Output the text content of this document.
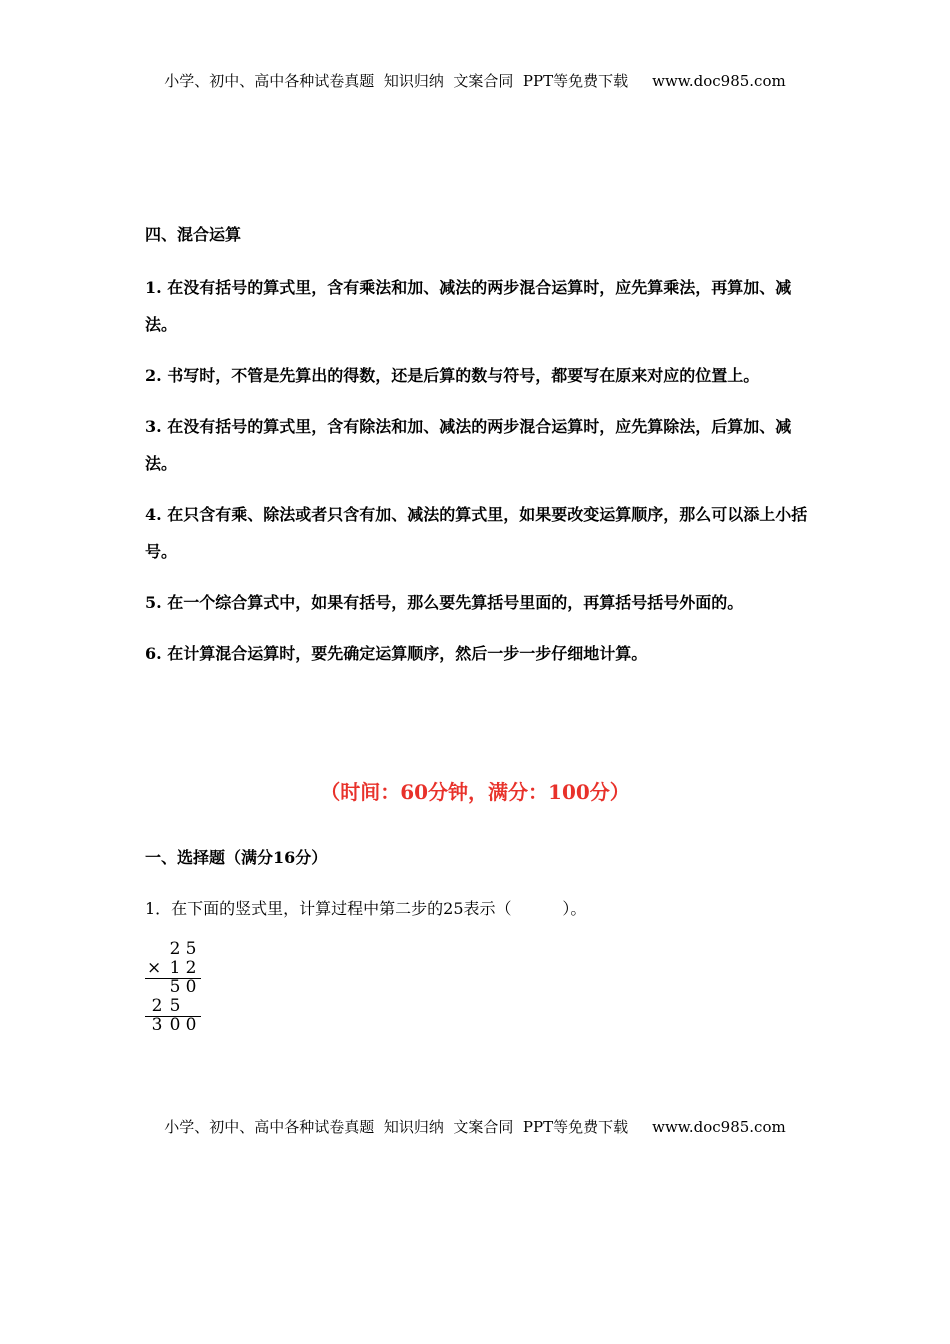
小学、初中、高中各种试卷真题  知识归纳  文案合同  PPT等免费下载 www.doc985.com
四、混合运算

1. 在没有括号的算式里，含有乘法和加、减法的两步混合运算时，应先算乘法，再算加、减法。

2. 书写时，不管是先算出的得数，还是后算的数与符号，都要写在原来对应的位置上。

3. 在没有括号的算式里，含有除法和加、减法的两步混合运算时，应先算除法，后算加、减法。

4. 在只含有乘、除法或者只含有加、减法的算式里，如果要改变运算顺序，那么可以添上小括号。

5. 在一个综合算式中，如果有括号，那么要先算括号里面的，再算括号括号外面的。

6. 在计算混合运算时，要先确定运算顺序，然后一步一步仔细地计算。

（时间：60分钟，满分：100分）
一、选择题（满分16分）
1．在下面的竖式里，计算过程中第二步的25表示（          ）。
2 5
× 1 2
5 0
2 5
3 0 0
小学、初中、高中各种试卷真题  知识归纳  文案合同  PPT等免费下载 www.doc985.com
